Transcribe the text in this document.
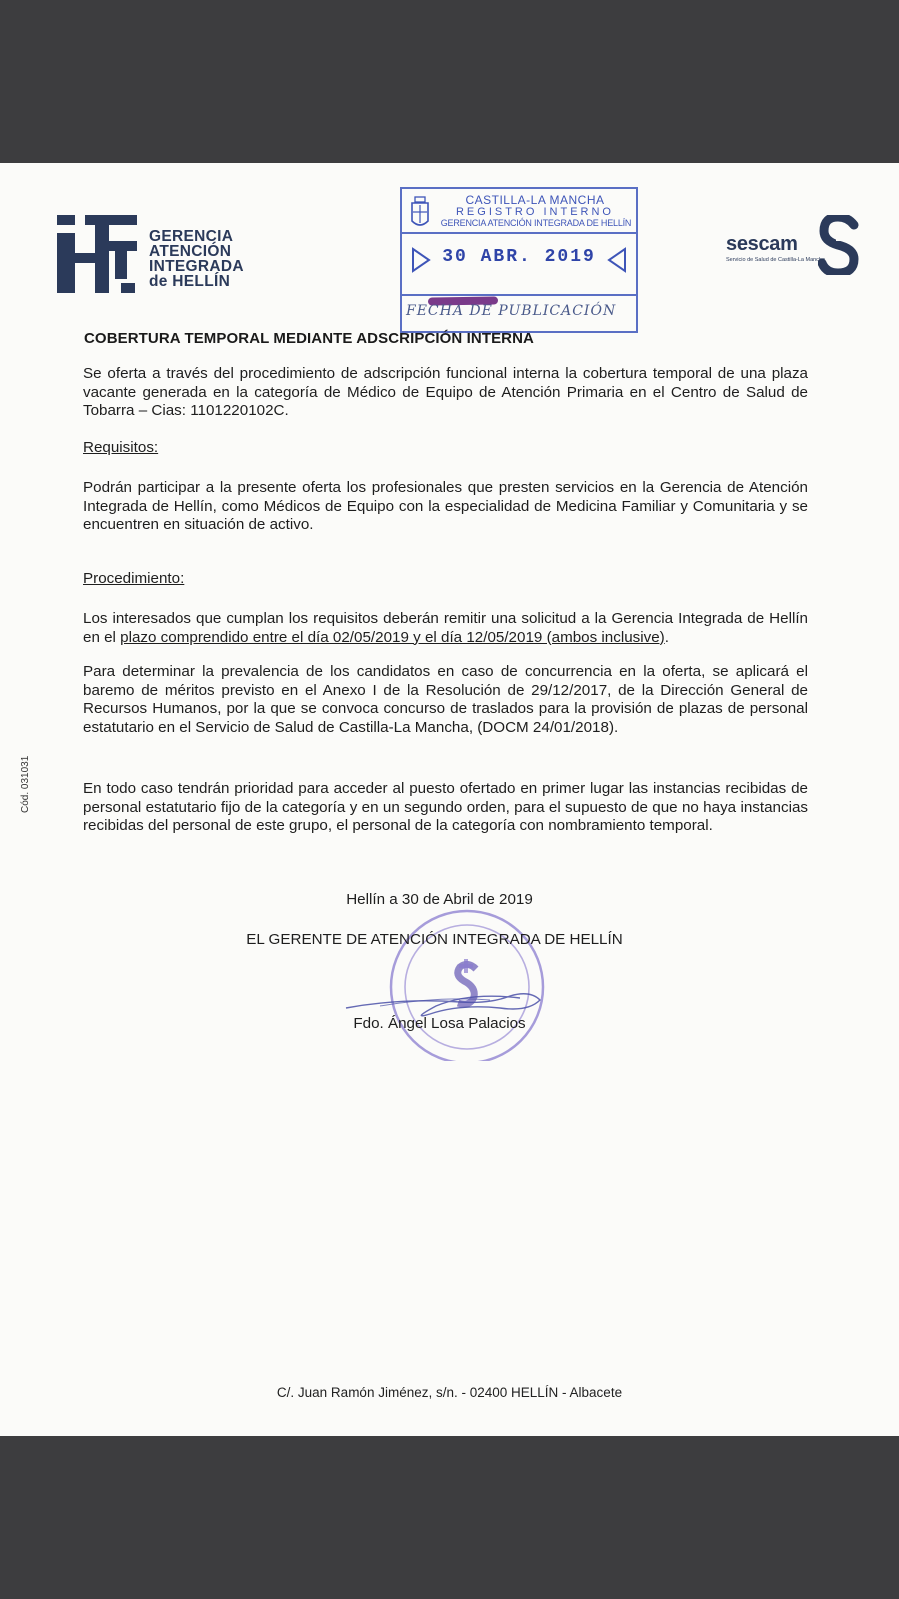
GERENCIA
ATENCIÓN
INTEGRADA
de HELLÍN
CASTILLA-LA MANCHA
REGISTRO INTERNO
GERENCIA ATENCIÓN INTEGRADA DE HELLÍN
30 ABR. 2019
FECHA DE PUBLICACIÓN
sescam
Servicio de Salud de Castilla-La Mancha
COBERTURA TEMPORAL MEDIANTE ADSCRIPCIÓN INTERNA
Se oferta a través del procedimiento de adscripción funcional interna la cobertura temporal de una plaza vacante generada en la categoría de Médico de Equipo de Atención Primaria en el Centro de Salud de Tobarra – Cias: 1101220102C.
Requisitos:
Podrán participar a la presente oferta los profesionales que presten servicios en la Gerencia de Atención Integrada de Hellín, como Médicos de Equipo con la especialidad de Medicina Familiar y Comunitaria y se encuentren en situación de activo.
Procedimiento:
Los interesados que cumplan los requisitos deberán remitir una solicitud a la Gerencia Integrada de Hellín en el plazo comprendido entre el día 02/05/2019 y el día 12/05/2019 (ambos inclusive).
Para determinar la prevalencia de los candidatos en caso de concurrencia en la oferta, se aplicará el baremo de méritos previsto en el Anexo I de la Resolución de 29/12/2017, de la Dirección General de Recursos Humanos, por la que se convoca concurso de traslados para la provisión de plazas de personal estatutario en el Servicio de Salud de Castilla-La Mancha, (DOCM 24/01/2018).
En todo caso tendrán prioridad para acceder al puesto ofertado en primer lugar las instancias recibidas de personal estatutario fijo de la categoría y en un segundo orden, para el supuesto de que no haya instancias recibidas del personal de este grupo, el personal de la categoría con nombramiento temporal.
Cód. 031031
Hellín a 30 de Abril de 2019
EL GERENTE DE ATENCIÓN INTEGRADA DE HELLÍN
Fdo. Ángel Losa Palacios
C/. Juan Ramón Jiménez, s/n. - 02400 HELLÍN - Albacete
